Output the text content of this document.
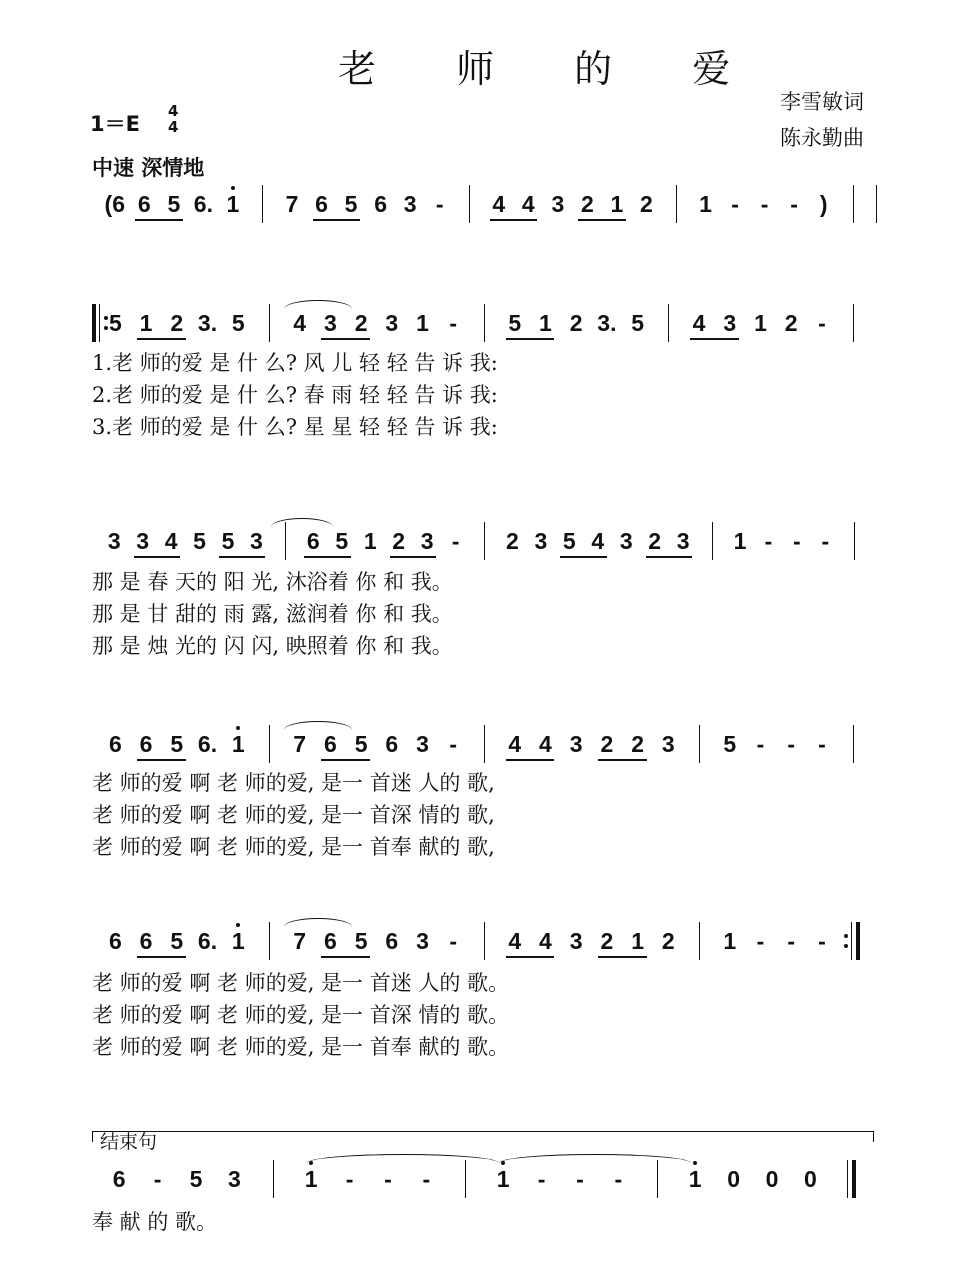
老 师 的 爱
李雪敏词
陈永勤曲
1＝E
4
4
中速 深情地
(6 6 5 6. 1 7 6 5 6 3 - 4 4 3 2 1 2 1 - - - )
5 1 2 3. 5 4 3 2 3 1 - 5 1 2 3. 5 4 3 1 2 -
1.老 师的爱 是 什 么? 风 儿 轻 轻 告 诉 我:
2.老 师的爱 是 什 么? 春 雨 轻 轻 告 诉 我:
3.老 师的爱 是 什 么? 星 星 轻 轻 告 诉 我:
3 3 4 5 5 3 6 5 1 2 3 - 2 3 5 4 3 2 3 1 - - -
那 是 春 天的 阳 光, 沐浴着 你 和 我。
那 是 甘 甜的 雨 露, 滋润着 你 和 我。
那 是 烛 光的 闪 闪, 映照着 你 和 我。
6 6 5 6. 1 7 6 5 6 3 - 4 4 3 2 2 3 5 - - -
老 师的爱 啊 老 师的爱, 是一 首迷 人的 歌,
老 师的爱 啊 老 师的爱, 是一 首深 情的 歌,
老 师的爱 啊 老 师的爱, 是一 首奉 献的 歌,
6 6 5 6. 1 7 6 5 6 3 - 4 4 3 2 1 2 1 - - -
老 师的爱 啊 老 师的爱, 是一 首迷 人的 歌。
老 师的爱 啊 老 师的爱, 是一 首深 情的 歌。
老 师的爱 啊 老 师的爱, 是一 首奉 献的 歌。
6 - 5 3	1 - - -	1 - - -	1 0 0 0
奉 献 的 歌。
结束句
